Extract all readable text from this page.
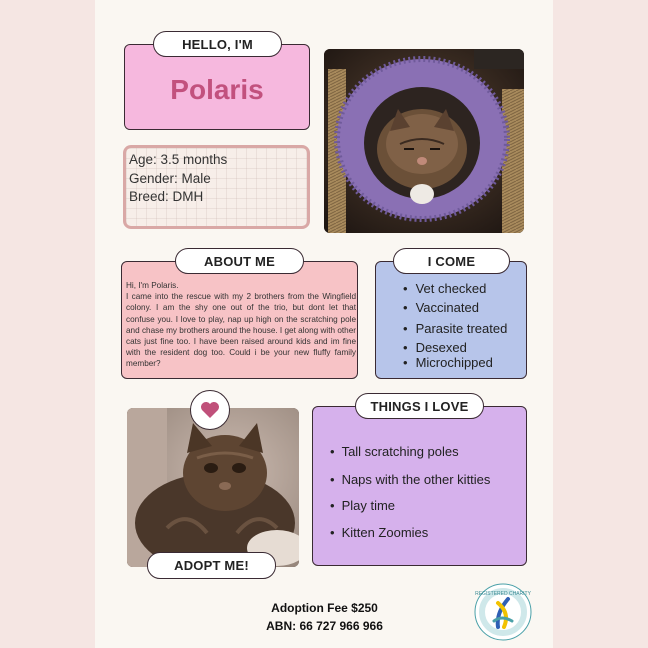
Polaris
HELLO, I'M
Age: 3.5 months
Gender: Male
Breed: DMH
ABOUT ME
Hi, I'm Polaris.
I came into the rescue with my 2 brothers from the Wingfield colony. I am the shy one out of the trio, but dont let that confuse you. I love to play, nap up high on the scratching pole and chase my brothers around the house. I get along with other cats just fine too. I have been raised around kids and im fine with the resident dog too. Could i be your new fluffy family member?
I COME
• Vet checked
• Vaccinated
• Parasite treated
• Desexed
• Microchipped
ADOPT ME!
THINGS I LOVE
• Tall scratching poles
• Naps with the other kitties
• Play time
• Kitten Zoomies
Adoption Fee $250
ABN: 66 727 966 966
REGISTERED CHARITY
